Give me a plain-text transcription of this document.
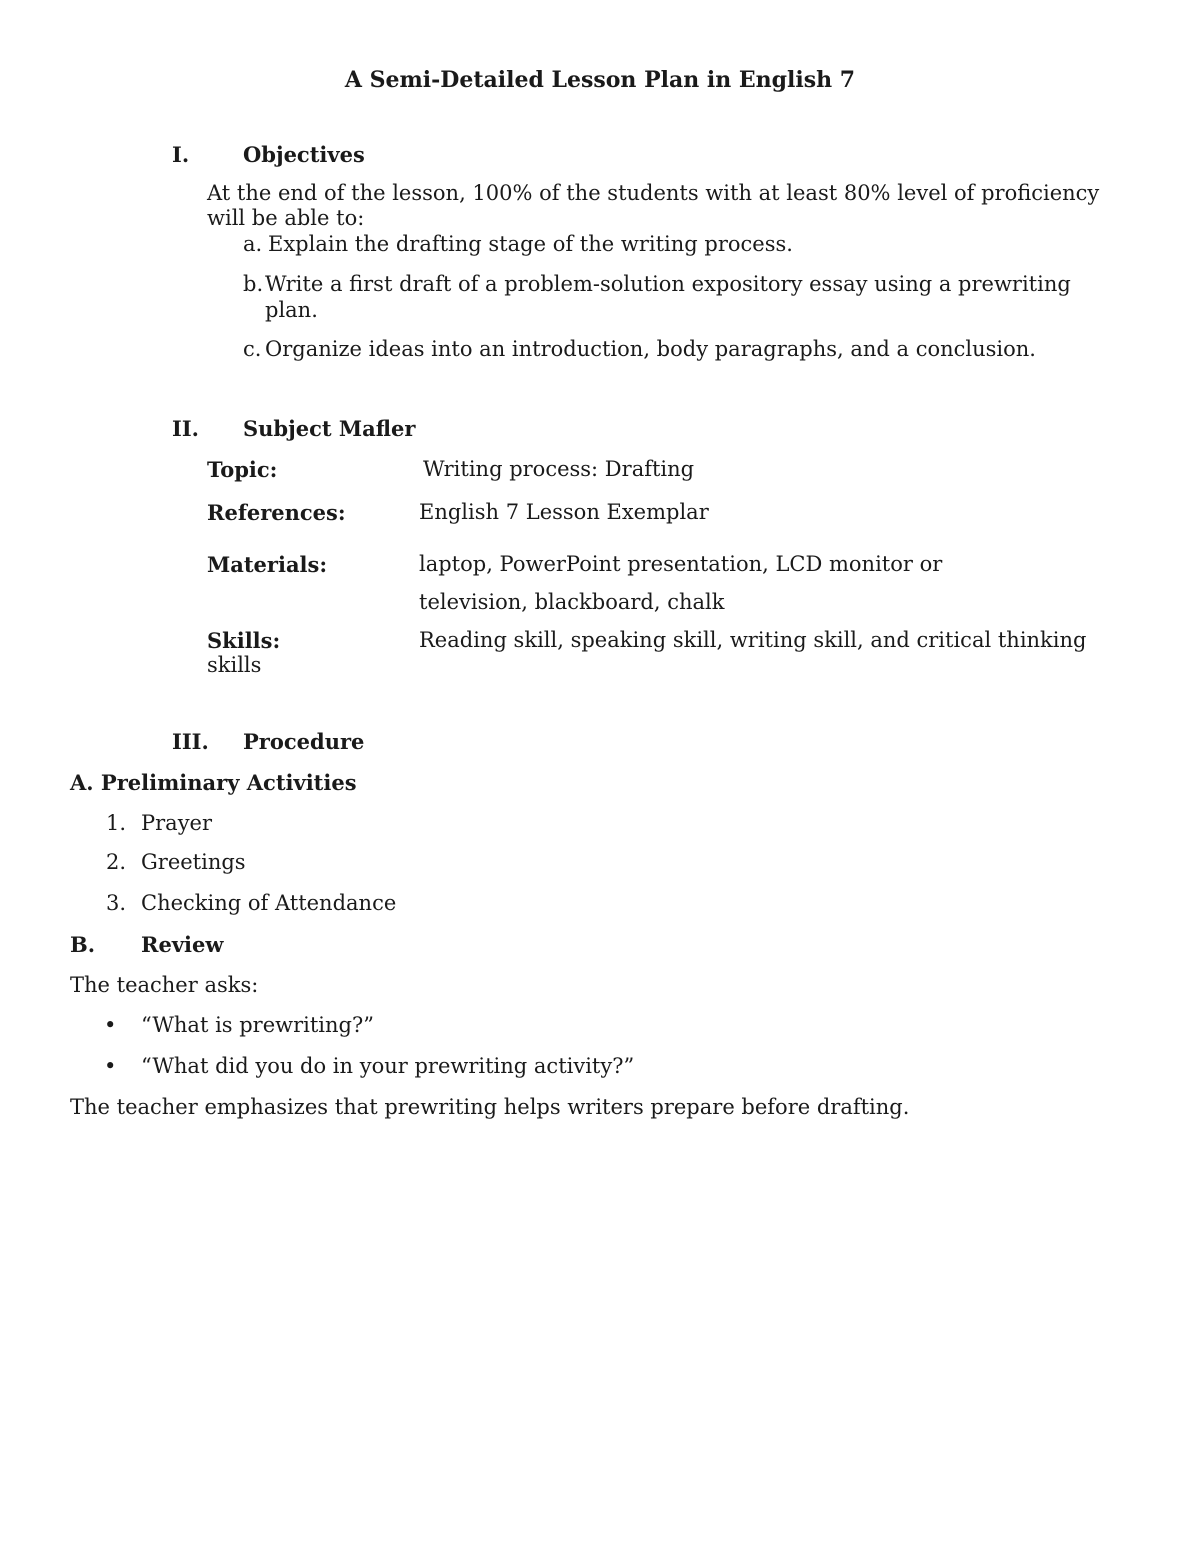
A Semi-Detailed Lesson Plan in English 7
I.	Objectives
At the end of the lesson, 100% of the students with at least 80% level of proficiency
will be able to:
a. Explain the drafting stage of the writing process.
b. Write a first draft of a problem-solution expository essay using a prewriting
plan.
c. Organize ideas into an introduction, body paragraphs, and a conclusion.
II. Subject Mafler
Topic:	Writing process: Drafting
References:	English 7 Lesson Exemplar
Materials:	laptop, PowerPoint presentation, LCD monitor or
television, blackboard, chalk
Skills:	Reading skill, speaking skill, writing skill, and critical thinking
skills
III. Procedure
A. Preliminary Activities
1. Prayer
2. Greetings
3. Checking of Attendance
B. Review
The teacher asks:
• “What is prewriting?”
• “What did you do in your prewriting activity?”
The teacher emphasizes that prewriting helps writers prepare before drafting.
